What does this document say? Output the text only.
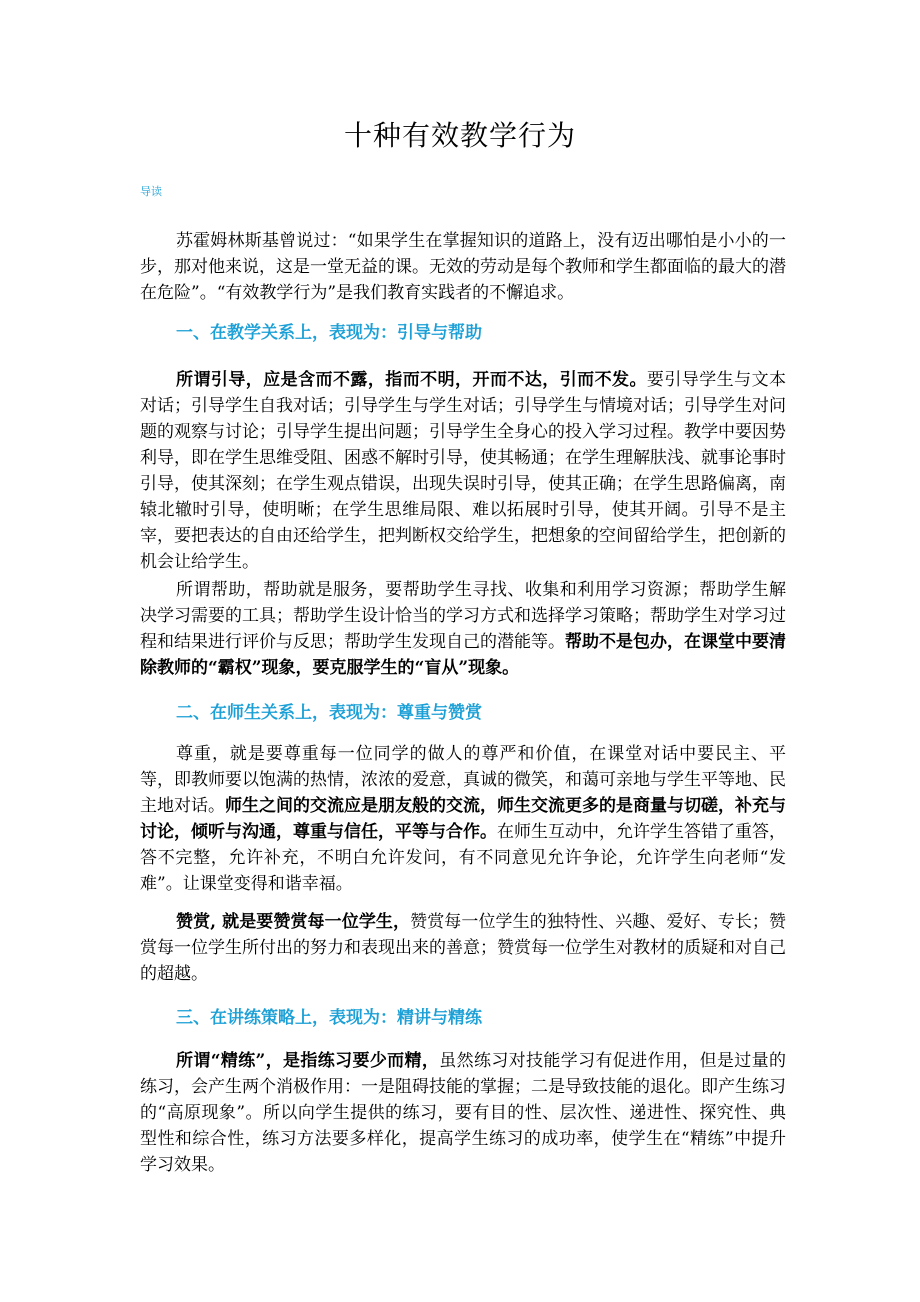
十种有效教学行为
导读

苏霍姆林斯基曾说过：“如果学生在掌握知识的道路上，没有迈出哪怕是小小的一步，那对他来说，这是一堂无益的课。无效的劳动是每个教师和学生都面临的最大的潜在危险”。“有效教学行为”是我们教育实践者的不懈追求。

一、在教学关系上，表现为：引导与帮助

所谓引导，应是含而不露，指而不明，开而不达，引而不发。要引导学生与文本对话；引导学生自我对话；引导学生与学生对话；引导学生与情境对话；引导学生对问题的观察与讨论；引导学生提出问题；引导学生全身心的投入学习过程。教学中要因势利导，即在学生思维受阻、困惑不解时引导，使其畅通；在学生理解肤浅、就事论事时引导，使其深刻；在学生观点错误，出现失误时引导，使其正确；在学生思路偏离，南辕北辙时引导，使明晰；在学生思维局限、难以拓展时引导，使其开阔。引导不是主宰，要把表达的自由还给学生，把判断权交给学生，把想象的空间留给学生，把创新的机会让给学生。

所谓帮助，帮助就是服务，要帮助学生寻找、收集和利用学习资源；帮助学生解决学习需要的工具；帮助学生设计恰当的学习方式和选择学习策略；帮助学生对学习过程和结果进行评价与反思；帮助学生发现自己的潜能等。帮助不是包办，在课堂中要清除教师的“霸权”现象，要克服学生的“盲从”现象。

二、在师生关系上，表现为：尊重与赞赏

尊重，就是要尊重每一位同学的做人的尊严和价值，在课堂对话中要民主、平等，即教师要以饱满的热情，浓浓的爱意，真诚的微笑，和蔼可亲地与学生平等地、民主地对话。师生之间的交流应是朋友般的交流，师生交流更多的是商量与切磋，补充与讨论，倾听与沟通，尊重与信任，平等与合作。在师生互动中，允许学生答错了重答，答不完整，允许补充，不明白允许发问，有不同意见允许争论，允许学生向老师“发难”。让课堂变得和谐幸福。

赞赏, 就是要赞赏每一位学生，赞赏每一位学生的独特性、兴趣、爱好、专长；赞赏每一位学生所付出的努力和表现出来的善意；赞赏每一位学生对教材的质疑和对自己的超越。

三、在讲练策略上，表现为：精讲与精练

所谓“精练”，是指练习要少而精，虽然练习对技能学习有促进作用，但是过量的练习，会产生两个消极作用：一是阻碍技能的掌握；二是导致技能的退化。即产生练习的“高原现象”。所以向学生提供的练习，要有目的性、层次性、递进性、探究性、典型性和综合性，练习方法要多样化，提高学生练习的成功率，使学生在“精练”中提升学习效果。
